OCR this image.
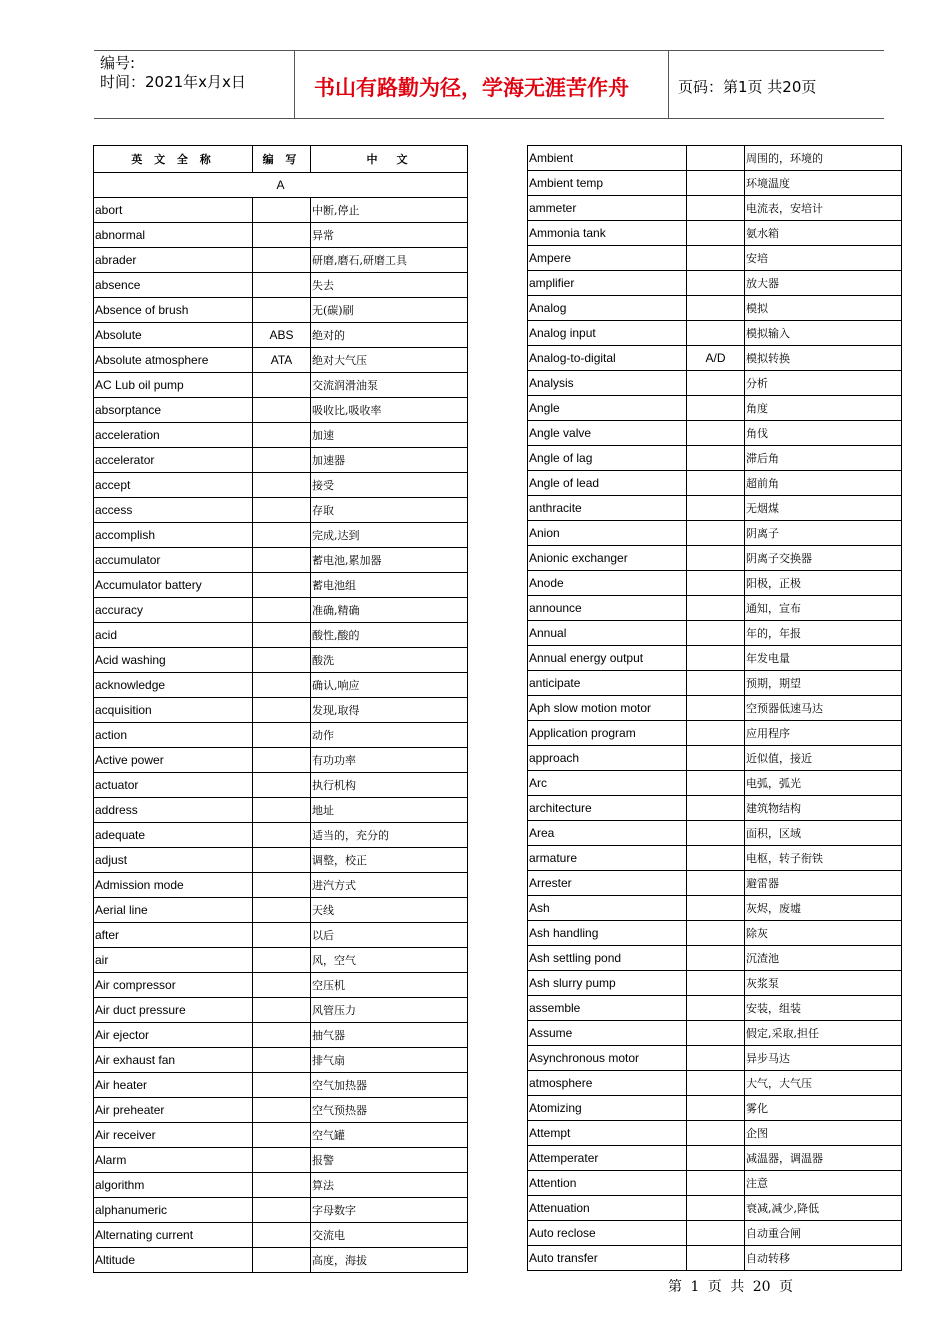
编号:
时间：2021年x月x日	书山有路勤为径，学海无涯苦作舟	页码：第1页 共20页
英 文 全 称	编 写	中　文
A		
abort		中断,停止
abnormal		异常
abrader		研磨,磨石,研磨工具
absence		失去
Absence of brush		无(碳)刷
Absolute	ABS	绝对的
Absolute atmosphere	ATA	绝对大气压
AC Lub oil pump		交流润滑油泵
absorptance		吸收比,吸收率
acceleration		加速
accelerator		加速器
accept		接受
access		存取
accomplish		完成,达到
accumulator		蓄电池,累加器
Accumulator battery		蓄电池组
accuracy		准确,精确
acid		酸性,酸的
Acid washing		酸洗
acknowledge		确认,响应
acquisition		发现,取得
action		动作
Active power		有功功率
actuator		执行机构
address		地址
adequate		适当的，充分的
adjust		调整，校正
Admission mode		进汽方式
Aerial line		天线
after		以后
air		风，空气
Air compressor		空压机
Air duct pressure		风管压力
Air ejector		抽气器
Air exhaust fan		排气扇
Air heater		空气加热器
Air preheater		空气预热器
Air receiver		空气罐
Alarm		报警
algorithm		算法
alphanumeric		字母数字
Alternating current		交流电
Altitude		高度，海拔
Ambient		周围的，环境的
Ambient temp		环境温度
ammeter		电流表，安培计
Ammonia tank		氨水箱
Ampere		安培
amplifier		放大器
Analog		模拟
Analog input		模拟输入
Analog-to-digital	A/D	模拟转换
Analysis		分析
Angle		角度
Angle valve		角伐
Angle of lag		滞后角
Angle of lead		超前角
anthracite		无烟煤
Anion		阴离子
Anionic exchanger		阴离子交换器
Anode		阳极，正极
announce		通知，宣布
Annual		年的，年报
Annual energy output		年发电量
anticipate		预期，期望
Aph slow motion motor		空预器低速马达
Application program		应用程序
approach		近似值，接近
Arc		电弧，弧光
architecture		建筑物结构
Area		面积，区域
armature		电枢，转子衔铁
Arrester		避雷器
Ash		灰烬，废墟
Ash handling		除灰
Ash settling pond		沉渣池
Ash slurry pump		灰浆泵
assemble		安装，组装
Assume		假定,采取,担任
Asynchronous motor		异步马达
atmosphere		大气，大气压
Atomizing		雾化
Attempt		企图
Attemperater		减温器，调温器
Attention		注意
Attenuation		衰减,减少,降低
Auto reclose		自动重合闸
Auto transfer		自动转移
第 1 页 共 20 页
